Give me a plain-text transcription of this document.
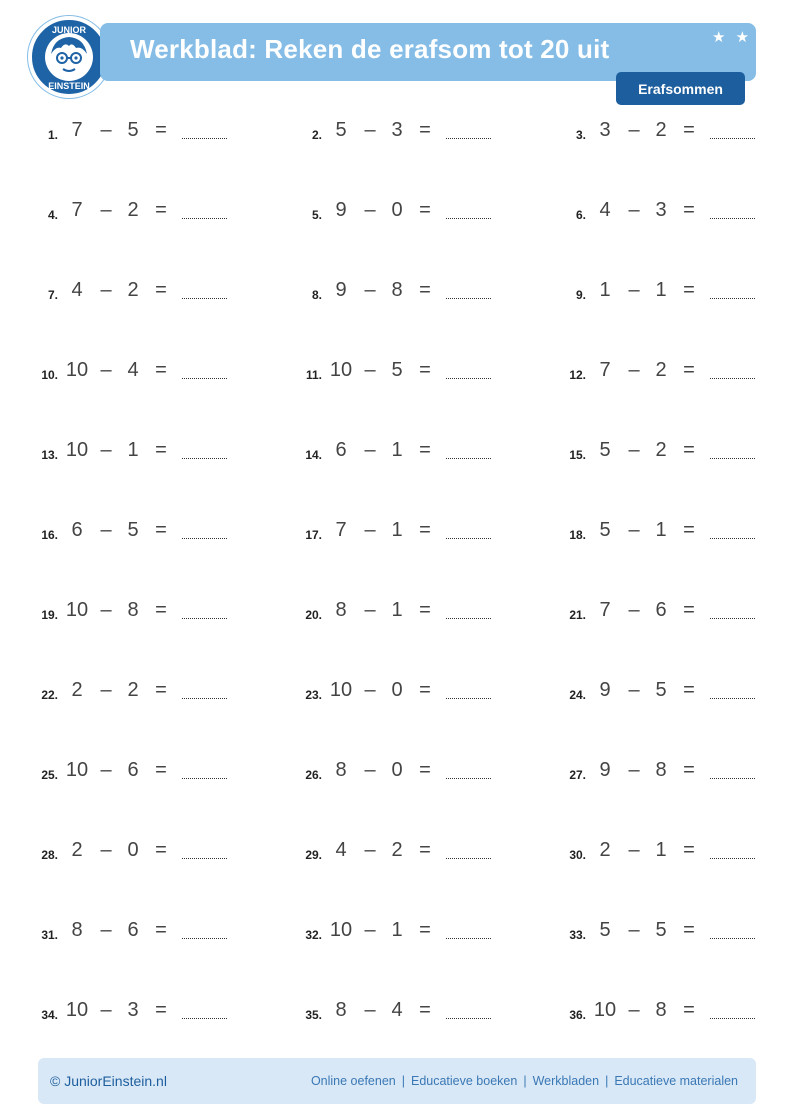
JUNIOR
EINSTEIN
Werkblad: Reken de erafsom tot 20 uit	★ ★
Erafsommen
1. 7 – 5 =	2. 5 – 3 =	3. 3 – 2 =
4. 7 – 2 =	5. 9 – 0 =	6. 4 – 3 =
7. 4 – 2 =	8. 9 – 8 =	9. 1 – 1 =
10. 10 – 4 =	11. 10 – 5 =	12. 7 – 2 =
13. 10 – 1 =	14. 6 – 1 =	15. 5 – 2 =
16. 6 – 5 =	17. 7 – 1 =	18. 5 – 1 =
19. 10 – 8 =	20. 8 – 1 =	21. 7 – 6 =
22. 2 – 2 =	23. 10 – 0 =	24. 9 – 5 =
25. 10 – 6 =	26. 8 – 0 =	27. 9 – 8 =
28. 2 – 0 =	29. 4 – 2 =	30. 2 – 1 =
31. 8 – 6 =	32. 10 – 1 =	33. 5 – 5 =
34. 10 – 3 =	35. 8 – 4 =	36. 10 – 8 =
© JuniorEinstein.nl	Online oefenen | Educatieve boeken | Werkbladen | Educatieve materialen
